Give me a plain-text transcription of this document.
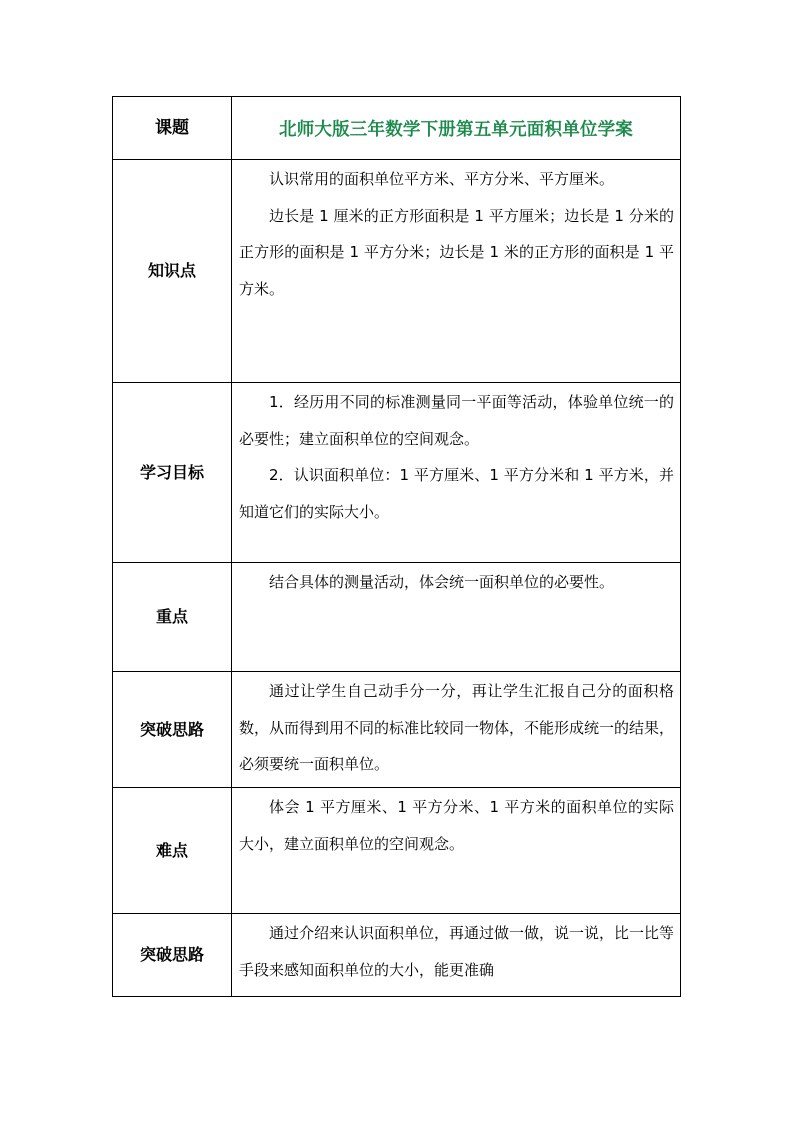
课题	北师大版三年数学下册第五单元面积单位学案
知识点	认识常用的面积单位平方米、平方分米、平方厘米。

边长是 1 厘米的正方形面积是 1 平方厘米；边长是 1 分米的正方形的面积是 1 平方分米；边长是 1 米的正方形的面积是 1 平方米。

学习目标	1．经历用不同的标准测量同一平面等活动，体验单位统一的必要性；建立面积单位的空间观念。

2．认识面积单位：1 平方厘米、1 平方分米和 1 平方米，并知道它们的实际大小。

重点	结合具体的测量活动，体会统一面积单位的必要性。

突破思路	通过让学生自己动手分一分，再让学生汇报自己分的面积格数，从而得到用不同的标准比较同一物体，不能形成统一的结果，必须要统一面积单位。

难点	体会 1 平方厘米、1 平方分米、1 平方米的面积单位的实际大小，建立面积单位的空间观念。

突破思路	通过介绍来认识面积单位，再通过做一做，说一说，比一比等手段来感知面积单位的大小，能更准确
